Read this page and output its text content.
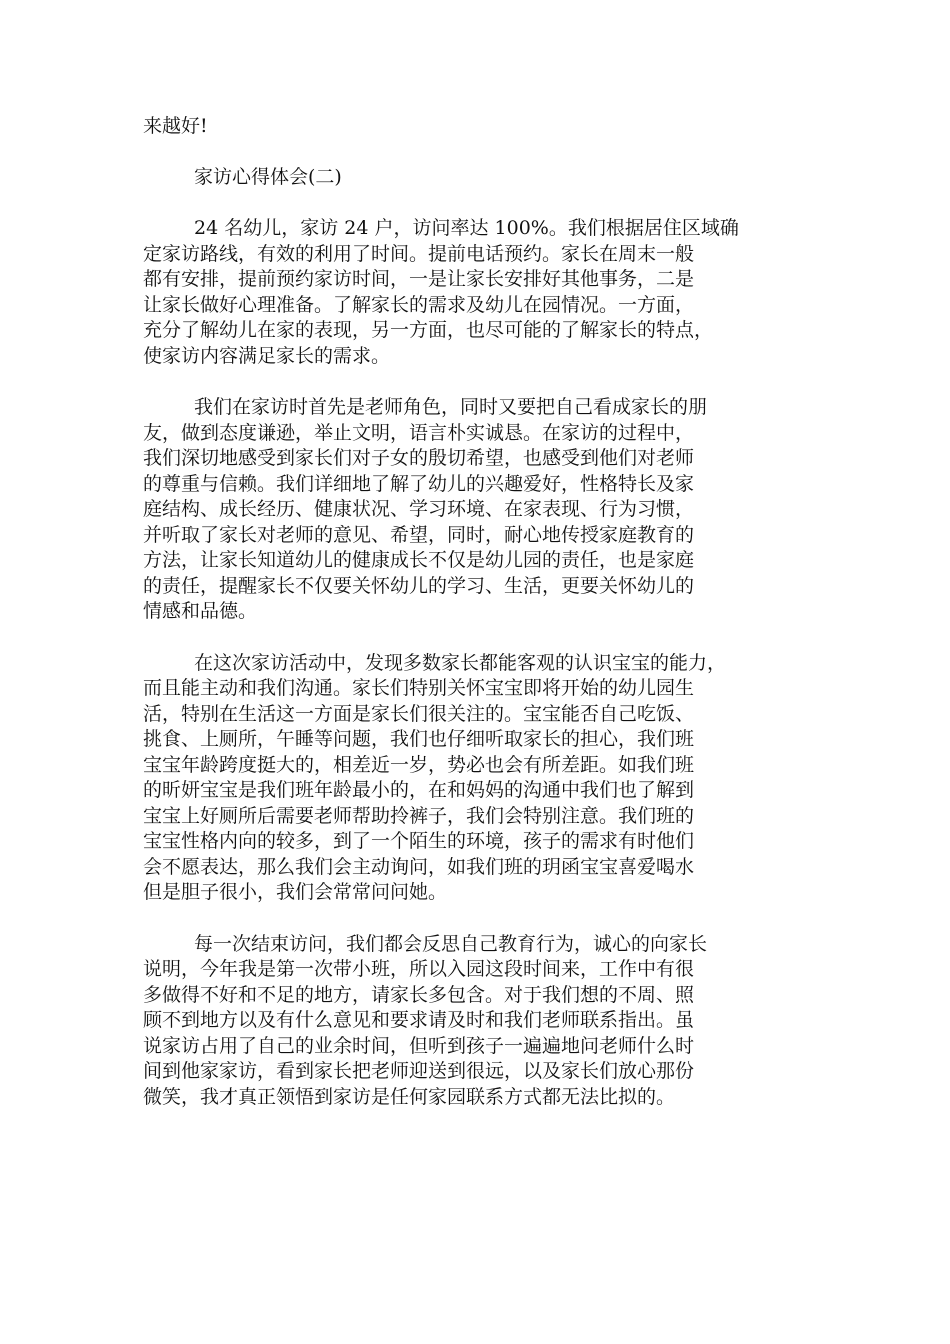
来越好!

家访心得体会(二)

24 名幼儿，家访 24 户，访问率达 100%。我们根据居住区域确

定家访路线，有效的利用了时间。提前电话预约。家长在周末一般

都有安排，提前预约家访时间，一是让家长安排好其他事务，二是

让家长做好心理准备。了解家长的需求及幼儿在园情况。一方面，

充分了解幼儿在家的表现，另一方面，也尽可能的了解家长的特点，

使家访内容满足家长的需求。

我们在家访时首先是老师角色，同时又要把自己看成家长的朋

友，做到态度谦逊，举止文明，语言朴实诚恳。在家访的过程中，

我们深切地感受到家长们对子女的殷切希望，也感受到他们对老师

的尊重与信赖。我们详细地了解了幼儿的兴趣爱好，性格特长及家

庭结构、成长经历、健康状况、学习环境、在家表现、行为习惯，

并听取了家长对老师的意见、希望，同时，耐心地传授家庭教育的

方法，让家长知道幼儿的健康成长不仅是幼儿园的责任，也是家庭

的责任，提醒家长不仅要关怀幼儿的学习、生活，更要关怀幼儿的

情感和品德。

在这次家访活动中，发现多数家长都能客观的认识宝宝的能力，

而且能主动和我们沟通。家长们特别关怀宝宝即将开始的幼儿园生

活，特别在生活这一方面是家长们很关注的。宝宝能否自己吃饭、

挑食、上厕所，午睡等问题，我们也仔细听取家长的担心，我们班

宝宝年龄跨度挺大的，相差近一岁，势必也会有所差距。如我们班

的昕妍宝宝是我们班年龄最小的，在和妈妈的沟通中我们也了解到

宝宝上好厕所后需要老师帮助拎裤子，我们会特别注意。我们班的

宝宝性格内向的较多，到了一个陌生的环境，孩子的需求有时他们

会不愿表达，那么我们会主动询问，如我们班的玥函宝宝喜爱喝水

但是胆子很小，我们会常常问问她。

每一次结束访问，我们都会反思自己教育行为，诚心的向家长

说明，今年我是第一次带小班，所以入园这段时间来，工作中有很

多做得不好和不足的地方，请家长多包含。对于我们想的不周、照

顾不到地方以及有什么意见和要求请及时和我们老师联系指出。虽

说家访占用了自己的业余时间，但听到孩子一遍遍地问老师什么时

间到他家家访，看到家长把老师迎送到很远，以及家长们放心那份

微笑，我才真正领悟到家访是任何家园联系方式都无法比拟的。
